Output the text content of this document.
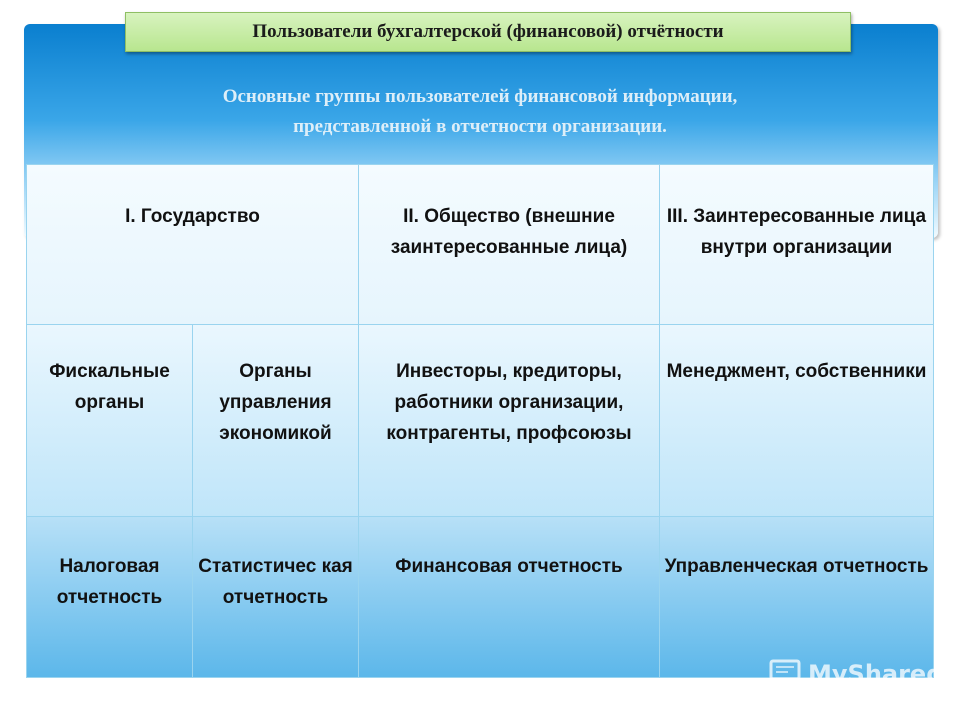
Пользователи бухгалтерской (финансовой) отчётности
Основные группы пользователей финансовой информации,
представленной в отчетности организации.
I. Государство	II. Общество (внешние заинтересованные лица)
III. Заинтересованные лица внутри организации
Фискальные органы
Органы управления экономикой
Инвесторы, кредиторы, работники организации, контрагенты, профсоюзы
Менеджмент, собственники
Налоговая отчетность
Статистичес кая отчетность
Финансовая отчетность	Управленческая отчетность
MyShared
